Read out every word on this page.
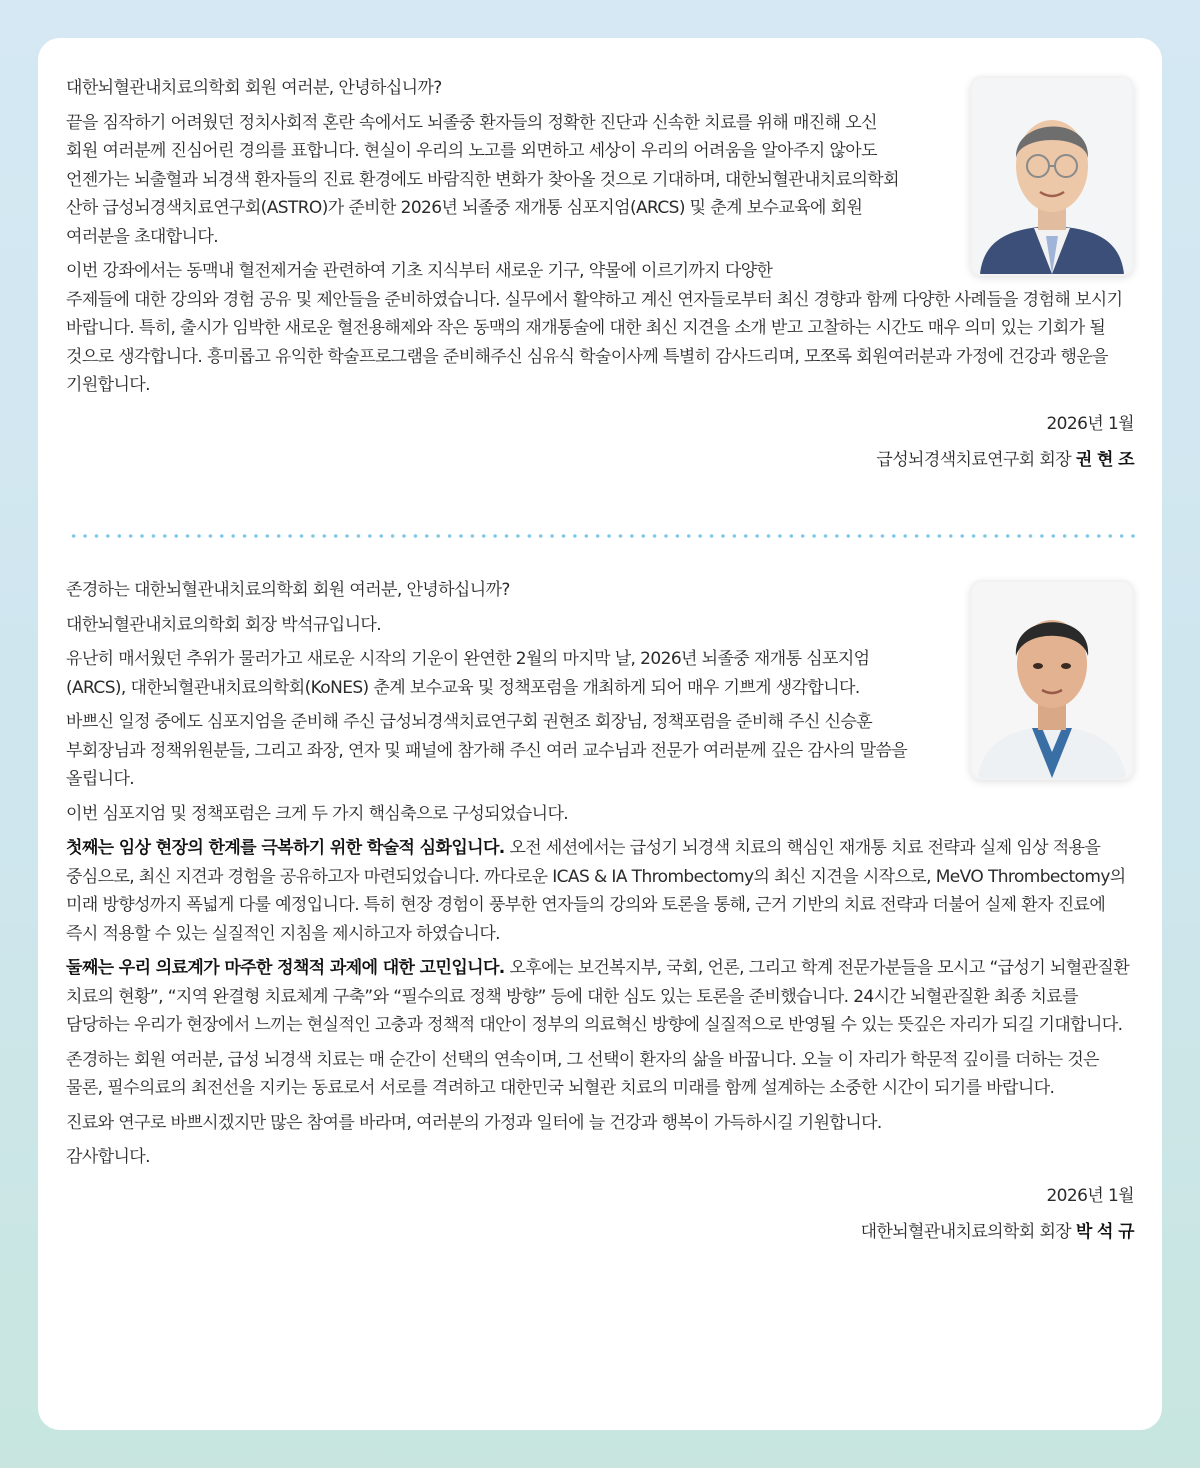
대한뇌혈관내치료의학회 회원 여러분, 안녕하십니까?

끝을 짐작하기 어려웠던 정치사회적 혼란 속에서도 뇌졸중 환자들의 정확한 진단과 신속한 치료를 위해 매진해 오신 회원 여러분께 진심어린 경의를 표합니다. 현실이 우리의 노고를 외면하고 세상이 우리의 어려움을 알아주지 않아도 언젠가는 뇌출혈과 뇌경색 환자들의 진료 환경에도 바람직한 변화가 찾아올 것으로 기대하며, 대한뇌혈관내치료의학회 산하 급성뇌경색치료연구회(ASTRO)가 준비한 2026년 뇌졸중 재개통 심포지엄(ARCS) 및 춘계 보수교육에 회원 여러분을 초대합니다.

이번 강좌에서는 동맥내 혈전제거술 관련하여 기초 지식부터 새로운 기구, 약물에 이르기까지 다양한

주제들에 대한 강의와 경험 공유 및 제안들을 준비하였습니다. 실무에서 활약하고 계신 연자들로부터 최신 경향과 함께 다양한 사례들을 경험해 보시기 바랍니다. 특히, 출시가 임박한 새로운 혈전용해제와 작은 동맥의 재개통술에 대한 최신 지견을 소개 받고 고찰하는 시간도 매우 의미 있는 기회가 될 것으로 생각합니다. 흥미롭고 유익한 학술프로그램을 준비해주신 심유식 학술이사께 특별히 감사드리며, 모쪼록 회원여러분과 가정에 건강과 행운을 기원합니다.

2026년 1월

급성뇌경색치료연구회 회장 권 현 조

존경하는 대한뇌혈관내치료의학회 회원 여러분, 안녕하십니까?

대한뇌혈관내치료의학회 회장 박석규입니다.

유난히 매서웠던 추위가 물러가고 새로운 시작의 기운이 완연한 2월의 마지막 날, 2026년 뇌졸중 재개통 심포지엄(ARCS), 대한뇌혈관내치료의학회(KoNES) 춘계 보수교육 및 정책포럼을 개최하게 되어 매우 기쁘게 생각합니다.

바쁘신 일정 중에도 심포지엄을 준비해 주신 급성뇌경색치료연구회 권현조 회장님, 정책포럼을 준비해 주신 신승훈 부회장님과 정책위원분들, 그리고 좌장, 연자 및 패널에 참가해 주신 여러 교수님과 전문가 여러분께 깊은 감사의 말씀을 올립니다.

이번 심포지엄 및 정책포럼은 크게 두 가지 핵심축으로 구성되었습니다.

첫째는 임상 현장의 한계를 극복하기 위한 학술적 심화입니다. 오전 세션에서는 급성기 뇌경색 치료의 핵심인 재개통 치료 전략과 실제 임상 적용을 중심으로, 최신 지견과 경험을 공유하고자 마련되었습니다. 까다로운 ICAS & IA Thrombectomy의 최신 지견을 시작으로, MeVO Thrombectomy의 미래 방향성까지 폭넓게 다룰 예정입니다. 특히 현장 경험이 풍부한 연자들의 강의와 토론을 통해, 근거 기반의 치료 전략과 더불어 실제 환자 진료에 즉시 적용할 수 있는 실질적인 지침을 제시하고자 하였습니다.

둘째는 우리 의료계가 마주한 정책적 과제에 대한 고민입니다. 오후에는 보건복지부, 국회, 언론, 그리고 학계 전문가분들을 모시고 “급성기 뇌혈관질환 치료의 현황”, “지역 완결형 치료체계 구축”와 “필수의료 정책 방향” 등에 대한 심도 있는 토론을 준비했습니다. 24시간 뇌혈관질환 최종 치료를 담당하는 우리가 현장에서 느끼는 현실적인 고충과 정책적 대안이 정부의 의료혁신 방향에 실질적으로 반영될 수 있는 뜻깊은 자리가 되길 기대합니다.

존경하는 회원 여러분, 급성 뇌경색 치료는 매 순간이 선택의 연속이며, 그 선택이 환자의 삶을 바꿉니다. 오늘 이 자리가 학문적 깊이를 더하는 것은 물론, 필수의료의 최전선을 지키는 동료로서 서로를 격려하고 대한민국 뇌혈관 치료의 미래를 함께 설계하는 소중한 시간이 되기를 바랍니다.

진료와 연구로 바쁘시겠지만 많은 참여를 바라며, 여러분의 가정과 일터에 늘 건강과 행복이 가득하시길 기원합니다.

감사합니다.

2026년 1월

대한뇌혈관내치료의학회 회장 박 석 규
